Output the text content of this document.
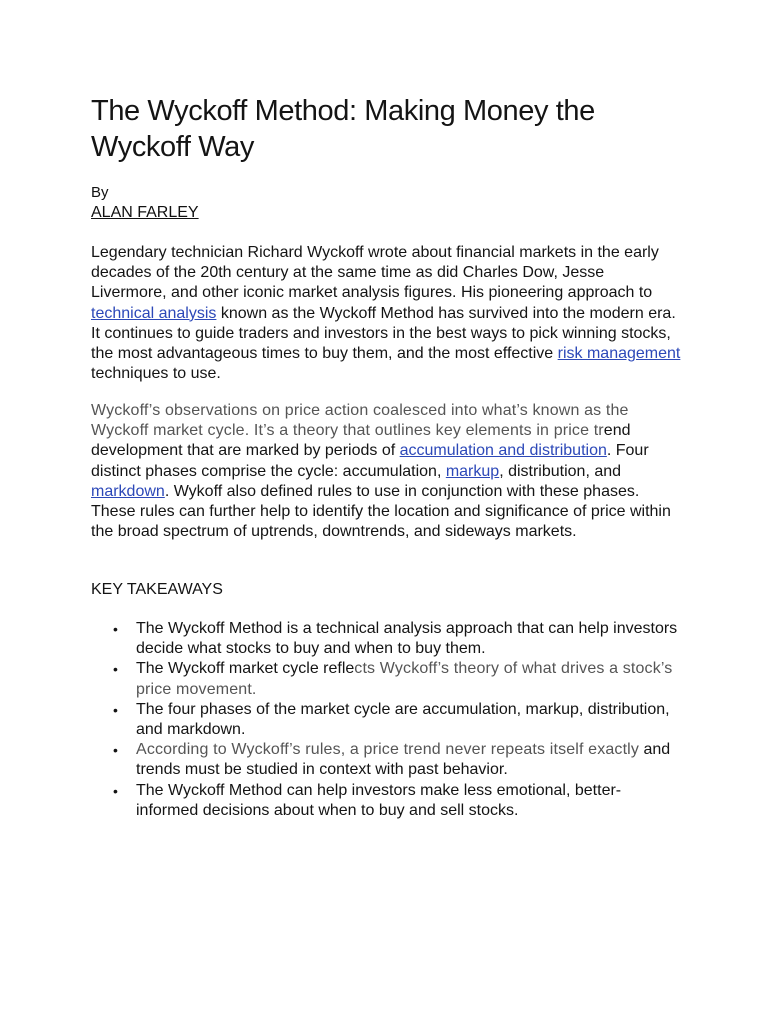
The Wyckoff Method: Making Money the Wyckoff Way
By
ALAN FARLEY

Legendary technician Richard Wyckoff wrote about financial markets in the early decades of the 20th century at the same time as did Charles Dow, Jesse Livermore, and other iconic market analysis figures. His pioneering approach to technical analysis known as the Wyckoff Method has survived into the modern era. It continues to guide traders and investors in the best ways to pick winning stocks, the most advantageous times to buy them, and the most effective risk management techniques to use.

Wyckoff’s observations on price action coalesced into what’s known as the Wyckoff market cycle. It’s a theory that outlines key elements in price trend development that are marked by periods of accumulation and distribution. Four distinct phases comprise the cycle: accumulation, markup, distribution, and markdown. Wykoff also defined rules to use in conjunction with these phases. These rules can further help to identify the location and significance of price within the broad spectrum of uptrends, downtrends, and sideways markets.

KEY TAKEAWAYS
• The Wyckoff Method is a technical analysis approach that can help investors decide what stocks to buy and when to buy them.
• The Wyckoff market cycle reflects Wyckoff’s theory of what drives a stock’s price movement.
• The four phases of the market cycle are accumulation, markup, distribution, and markdown.
• According to Wyckoff’s rules, a price trend never repeats itself exactly and trends must be studied in context with past behavior.
• The Wyckoff Method can help investors make less emotional, better-informed decisions about when to buy and sell stocks.
